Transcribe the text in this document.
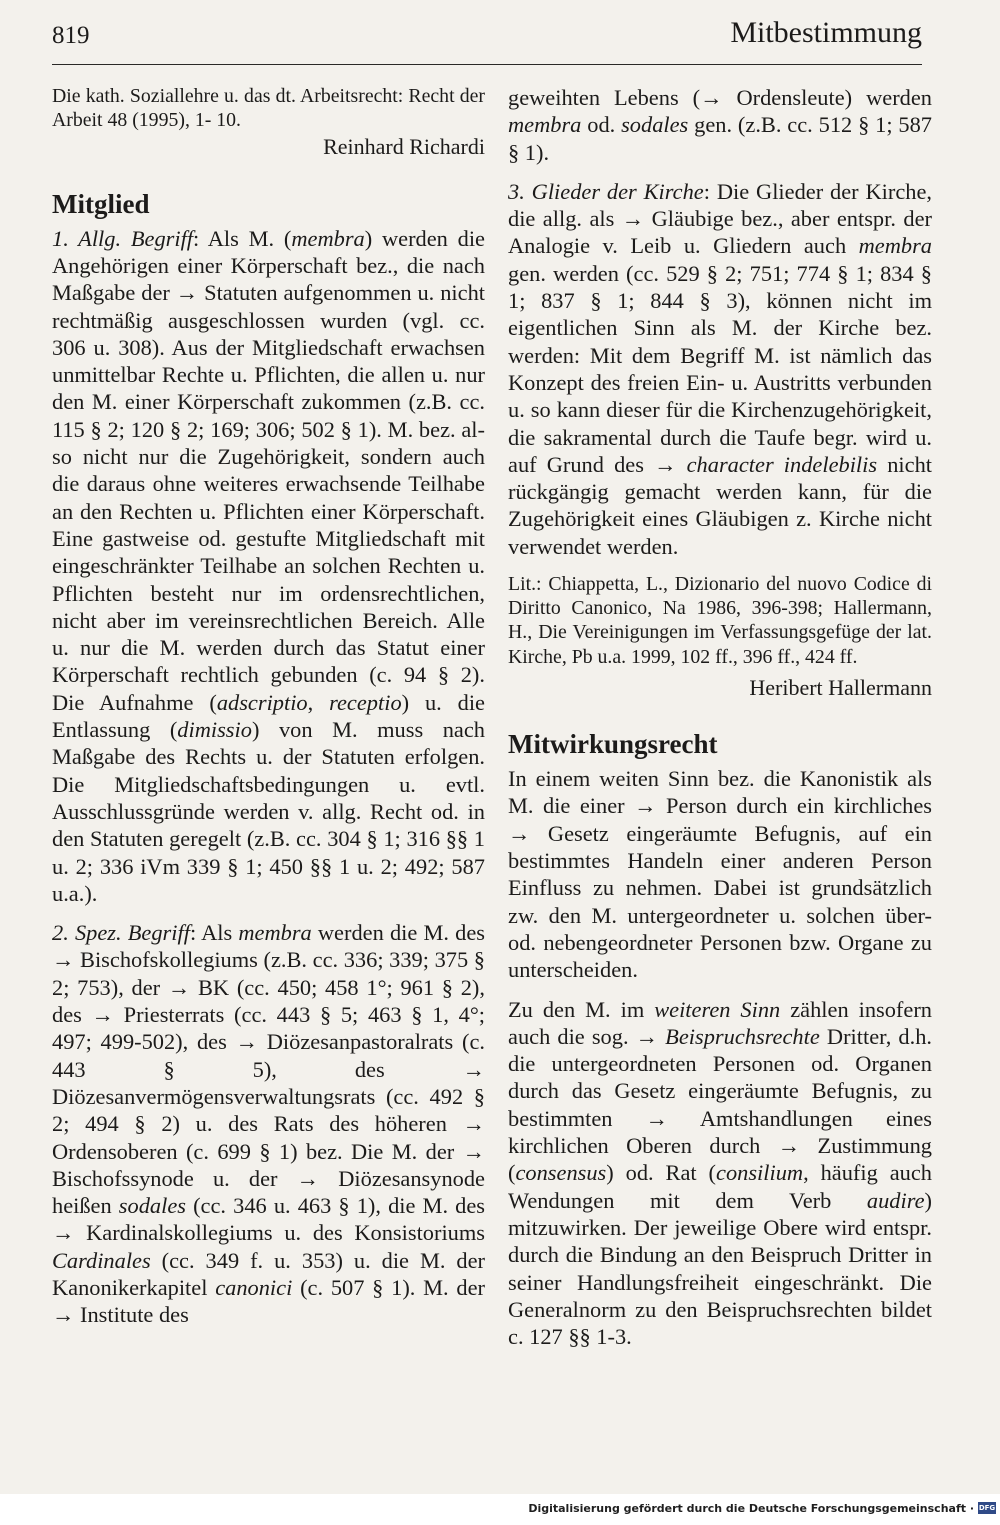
819	Mitbestimmung

Die kath. Soziallehre u. das dt. Arbeitsrecht: Recht der Arbeit 48 (1995), 1- 10.

Reinhard Richardi

Mitglied

1. Allg. Begriff: Als M. (membra) werden die Angehörigen einer Körperschaft bez., die nach Maßgabe der → Statuten aufgenommen u. nicht rechtmäßig ausgeschlossen wurden (vgl. cc. 306 u. 308). Aus der Mitgliedschaft erwachsen unmittelbar Rechte u. Pflichten, die allen u. nur den M. einer Körperschaft zukommen (z.B. cc. 115 § 2; 120 § 2; 169; 306; 502 § 1). M. bez. also nicht nur die Zugehörigkeit, sondern auch die daraus ohne weiteres erwachsende Teilhabe an den Rechten u. Pflichten einer Körperschaft. Eine gastweise od. gestufte Mitgliedschaft mit eingeschränkter Teilhabe an solchen Rechten u. Pflichten besteht nur im ordensrechtlichen, nicht aber im vereinsrechtlichen Bereich. Alle u. nur die M. werden durch das Statut einer Körperschaft rechtlich gebunden (c. 94 § 2). Die Aufnahme (adscriptio, receptio) u. die Entlassung (dimissio) von M. muss nach Maßgabe des Rechts u. der Statuten erfolgen. Die Mitgliedschaftsbedingungen u. evtl. Ausschlussgründe werden v. allg. Recht od. in den Statuten geregelt (z.B. cc. 304 § 1; 316 §§ 1 u. 2; 336 iVm 339 § 1; 450 §§ 1 u. 2; 492; 587 u.a.).

2. Spez. Begriff: Als membra werden die M. des → Bischofskollegiums (z.B. cc. 336; 339; 375 § 2; 753), der → BK (cc. 450; 458 1°; 961 § 2), des → Priesterrats (cc. 443 § 5; 463 § 1, 4°; 497; 499-502), des → Diözesanpastoralrats (c. 443 § 5), des → Diözesanvermögensverwaltungsrats (cc. 492 § 2; 494 § 2) u. des Rats des höheren → Ordensoberen (c. 699 § 1) bez. Die M. der → Bischofssynode u. der → Diözesansynode heißen sodales (cc. 346 u. 463 § 1), die M. des → Kardinalskollegiums u. des Konsistoriums Cardinales (cc. 349 f. u. 353) u. die M. der Kanonikerkapitel canonici (c. 507 § 1). M. der → Institute des

geweihten Lebens (→ Ordensleute) werden membra od. sodales gen. (z.B. cc. 512 § 1; 587 § 1).

3. Glieder der Kirche: Die Glieder der Kirche, die allg. als → Gläubige bez., aber entspr. der Analogie v. Leib u. Gliedern auch membra gen. werden (cc. 529 § 2; 751; 774 § 1; 834 § 1; 837 § 1; 844 § 3), können nicht im eigentlichen Sinn als M. der Kirche bez. werden: Mit dem Begriff M. ist nämlich das Konzept des freien Ein- u. Austritts verbunden u. so kann dieser für die Kirchenzugehörigkeit, die sakramental durch die Taufe begr. wird u. auf Grund des → character indelebilis nicht rückgängig gemacht werden kann, für die Zugehörigkeit eines Gläubigen z. Kirche nicht verwendet werden.

Lit.: Chiappetta, L., Dizionario del nuovo Codice di Diritto Canonico, Na 1986, 396-398; Hallermann, H., Die Vereinigungen im Verfassungsgefüge der lat. Kirche, Pb u.a. 1999, 102 ff., 396 ff., 424 ff.

Heribert Hallermann

Mitwirkungsrecht

In einem weiten Sinn bez. die Kanonistik als M. die einer → Person durch ein kirchliches → Gesetz eingeräumte Befugnis, auf ein bestimmtes Handeln einer anderen Person Einfluss zu nehmen. Dabei ist grundsätzlich zw. den M. untergeordneter u. solchen über- od. nebengeordneter Personen bzw. Organe zu unterscheiden.

Zu den M. im weiteren Sinn zählen insofern auch die sog. → Beispruchsrechte Dritter, d.h. die untergeordneten Personen od. Organen durch das Gesetz eingeräumte Befugnis, zu bestimmten → Amtshandlungen eines kirchlichen Oberen durch → Zustimmung (consensus) od. Rat (consilium, häufig auch Wendungen mit dem Verb audire) mitzuwirken. Der jeweilige Obere wird entspr. durch die Bindung an den Beispruch Dritter in seiner Handlungsfreiheit eingeschränkt. Die Generalnorm zu den Beispruchsrechten bildet c. 127 §§ 1-3.

Digitalisierung gefördert durch die Deutsche Forschungsgemeinschaft · DFG
